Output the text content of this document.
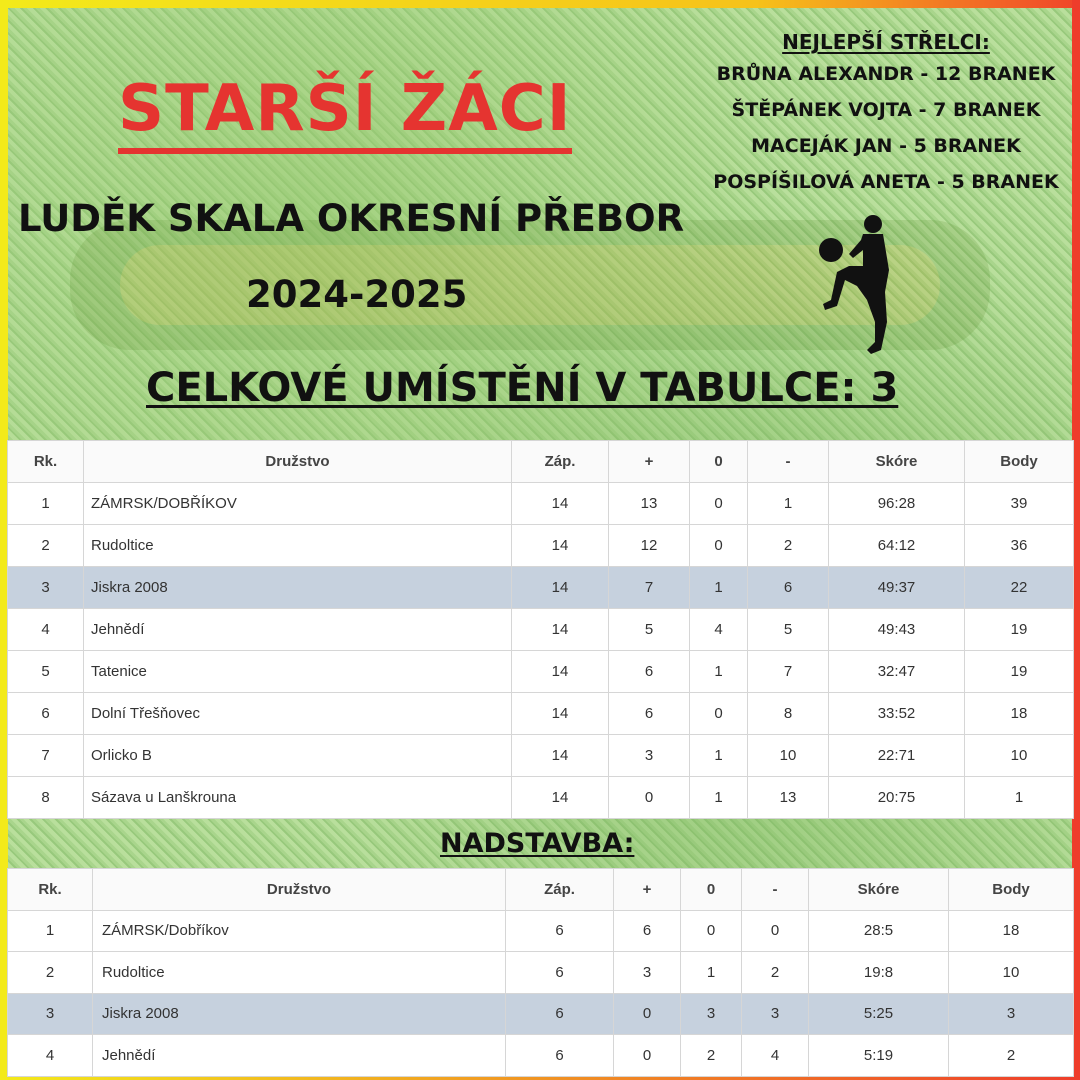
STARŠÍ ŽÁCI
LUDĚK SKALA OKRESNÍ PŘEBOR
2024-2025
CELKOVÉ UMÍSTĚNÍ V TABULCE: 3
NEJLEPŠÍ STŘELCI:
BRŮNA ALEXANDR - 12 BRANEK
ŠTĚPÁNEK VOJTA - 7 BRANEK
MACEJÁK JAN - 5 BRANEK
POSPÍŠILOVÁ ANETA - 5 BRANEK
Rk.	Družstvo	Záp.	+	0	-	Skóre	Body
1	ZÁMRSK/DOBŘÍKOV	14	13	0	1	96:28	39
2	Rudoltice	14	12	0	2	64:12	36
3	Jiskra 2008	14	7	1	6	49:37	22
4	Jehnědí	14	5	4	5	49:43	19
5	Tatenice	14	6	1	7	32:47	19
6	Dolní Třešňovec	14	6	0	8	33:52	18
7	Orlicko B	14	3	1	10	22:71	10
8	Sázava u Lanškrouna	14	0	1	13	20:75	1
NADSTAVBA:
Rk.	Družstvo	Záp.	+	0	-	Skóre	Body
1	ZÁMRSK/Dobříkov	6	6	0	0	28:5	18
2	Rudoltice	6	3	1	2	19:8	10
3	Jiskra 2008	6	0	3	3	5:25	3
4	Jehnědí	6	0	2	4	5:19	2
